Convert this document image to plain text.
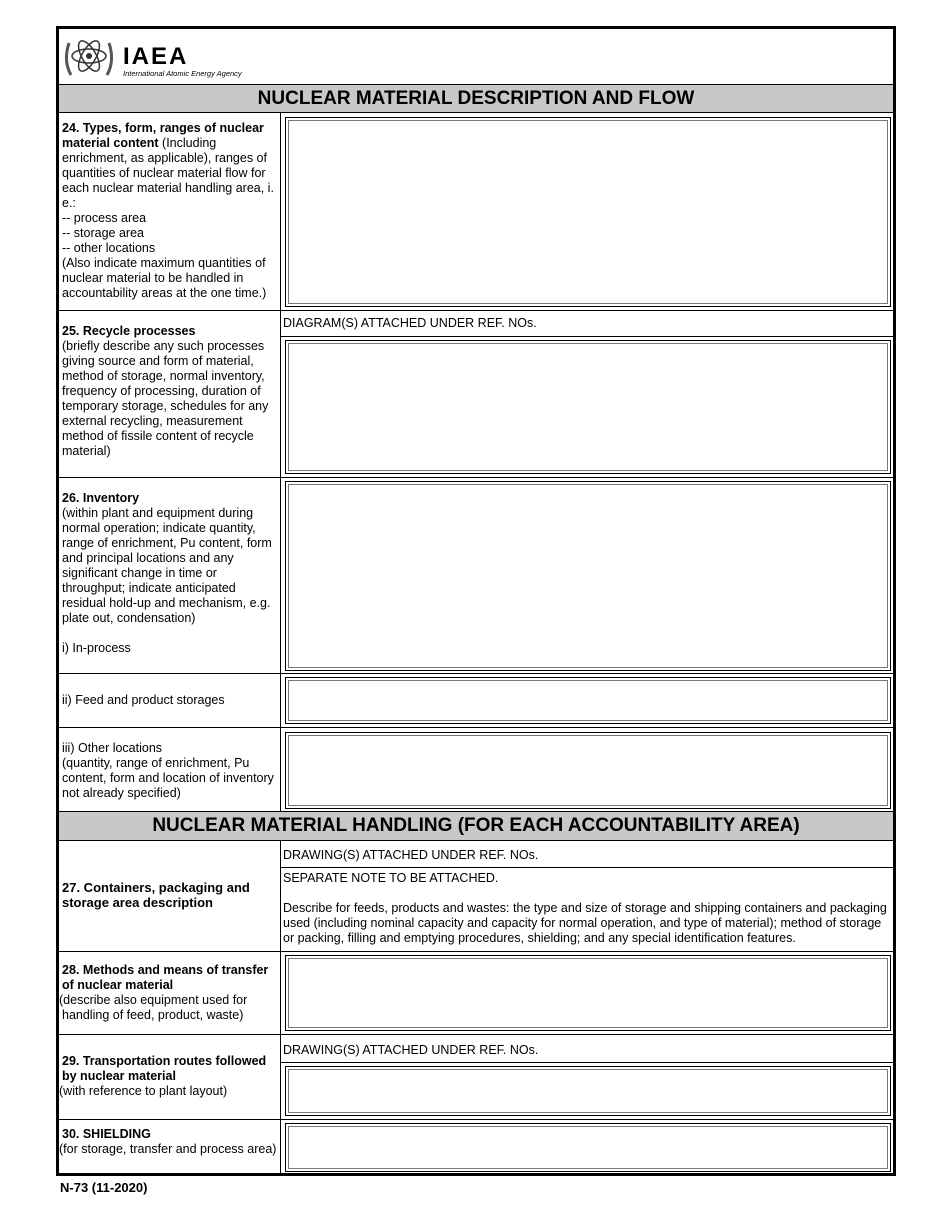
IAEA
International Atomic Energy Agency
NUCLEAR MATERIAL DESCRIPTION AND FLOW
24. Types, form, ranges of nuclear material content (Including enrichment, as applicable), ranges of quantities of nuclear material flow for each nuclear material handling area, i. e.:
-- process area
-- storage area
-- other locations
(Also indicate maximum quantities of nuclear material to be handled in accountability areas at the one time.)
25. Recycle processes
(briefly describe any such processes giving source and form of material, method of storage, normal inventory, frequency of processing, duration of temporary storage, schedules for any external recycling, measurement method of fissile content of recycle material)
DIAGRAM(S) ATTACHED UNDER REF. NOs.
26. Inventory
(within plant and equipment during normal operation; indicate quantity, range of enrichment, Pu content, form and principal locations and any significant change in time or throughput; indicate anticipated residual hold-up and mechanism, e.g. plate out, condensation)

i) In-process
ii) Feed and product storages
iii) Other locations
(quantity, range of enrichment, Pu content, form and location of inventory not already specified)
NUCLEAR MATERIAL HANDLING (FOR EACH ACCOUNTABILITY AREA)
27. Containers, packaging and storage area description
DRAWING(S) ATTACHED UNDER REF. NOs.
SEPARATE NOTE TO BE ATTACHED.
Describe for feeds, products and wastes: the type and size of storage and shipping containers and packaging used (including nominal capacity and capacity for normal operation, and type of material); method of storage or packing, filling and emptying procedures, shielding; and any special identification features.
28. Methods and means of transfer of nuclear material
(describe also equipment used for handling of feed, product, waste)
29. Transportation routes followed by nuclear material
(with reference to plant layout)
DRAWING(S) ATTACHED UNDER REF. NOs.
30. SHIELDING
(for storage, transfer and process area)
N-73 (11-2020)
